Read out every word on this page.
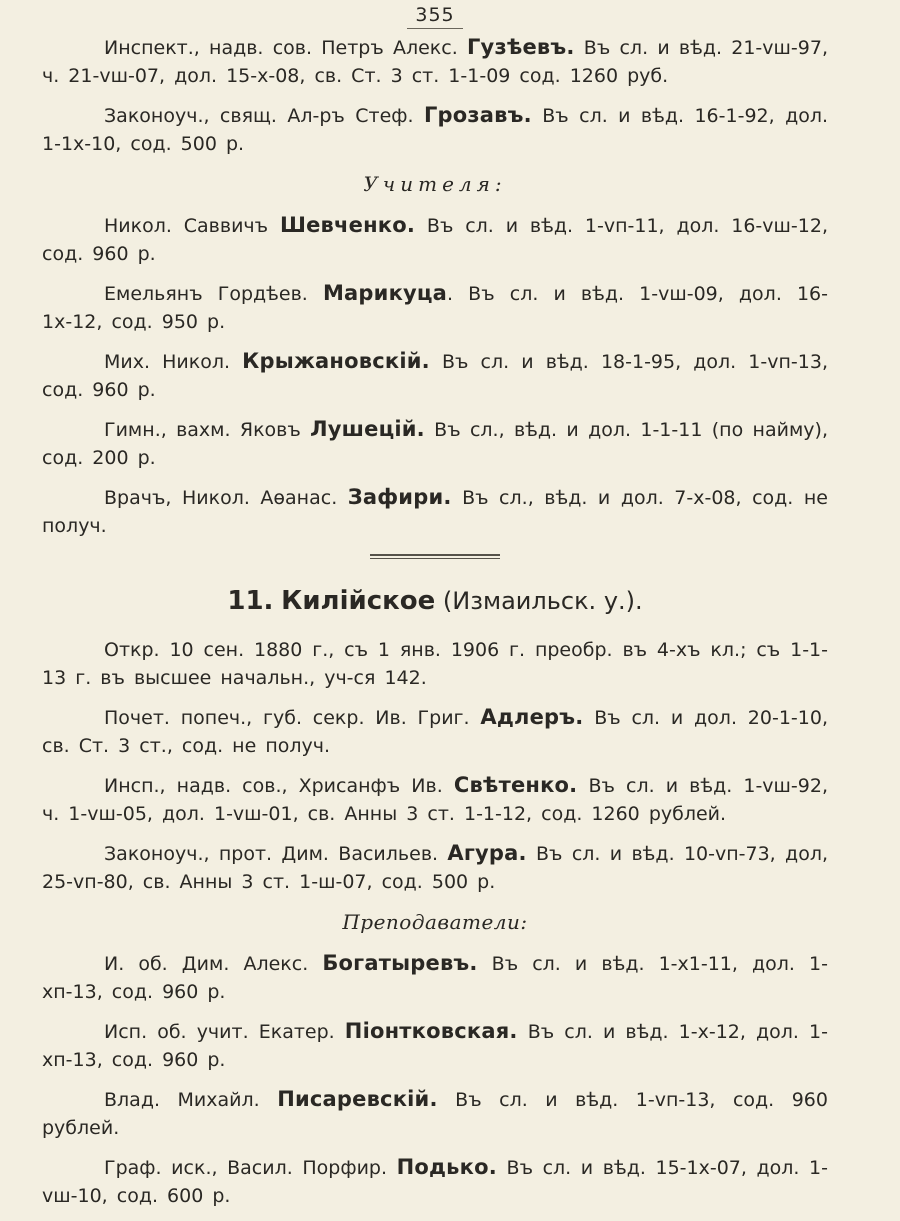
355

Инспект., надв. сов. Петръ Алекс. Гузѣевъ. Въ сл. и вѣд. 21-vш-97, ч. 21-vш-07, дол. 15-х-08, св. Ст. 3 ст. 1-1-09 сод. 1260 руб.

Законоуч., свящ. Ал-ръ Стеф. Грозавъ. Въ сл. и вѣд. 16-1-92, дол. 1-1х-10, сод. 500 р.

Учителя:

Никол. Саввичъ Шевченко. Въ сл. и вѣд. 1-vп-11, дол. 16-vш-12, сод. 960 р.

Емельянъ Гордѣев. Марикуца. Въ сл. и вѣд. 1-vш-09, дол. 16-1х-12, сод. 950 р.

Мих. Никол. Крыжановскій. Въ сл. и вѣд. 18-1-95, дол. 1-vп-13, сод. 960 р.

Гимн., вахм. Яковъ Лушецій. Въ сл., вѣд. и дол. 1-1-11 (по найму), сод. 200 р.

Врачъ, Никол. Аѳанас. Зафири. Въ сл., вѣд. и дол. 7-х-08, сод. не получ.

11. Килійское (Измаильск. у.).

Откр. 10 сен. 1880 г., съ 1 янв. 1906 г. преобр. въ 4-хъ кл.; съ 1-1-13 г. въ высшее начальн., уч-ся 142.

Почет. попеч., губ. секр. Ив. Григ. Адлеръ. Въ сл. и дол. 20-1-10, св. Ст. 3 ст., сод. не получ.

Инсп., надв. сов., Хрисанфъ Ив. Свѣтенко. Въ сл. и вѣд. 1-vш-92, ч. 1-vш-05, дол. 1-vш-01, св. Анны 3 ст. 1-1-12, сод. 1260 рублей.

Законоуч., прот. Дим. Васильев. Агура. Въ сл. и вѣд. 10-vп-73, дол, 25-vп-80, св. Анны 3 ст. 1-ш-07, сод. 500 р.

Преподаватели:

И. об. Дим. Алекс. Богатыревъ. Въ сл. и вѣд. 1-х1-11, дол. 1-хп-13, сод. 960 р.

Исп. об. учит. Екатер. Піонтковская. Въ сл. и вѣд. 1-х-12, дол. 1-хп-13, сод. 960 р.

Влад. Михайл. Писаревскій. Въ сл. и вѣд. 1-vп-13, сод. 960 рублей.

Граф. иск., Васил. Порфир. Подько. Въ сл. и вѣд. 15-1х-07, дол. 1-vш-10, сод. 600 р.
